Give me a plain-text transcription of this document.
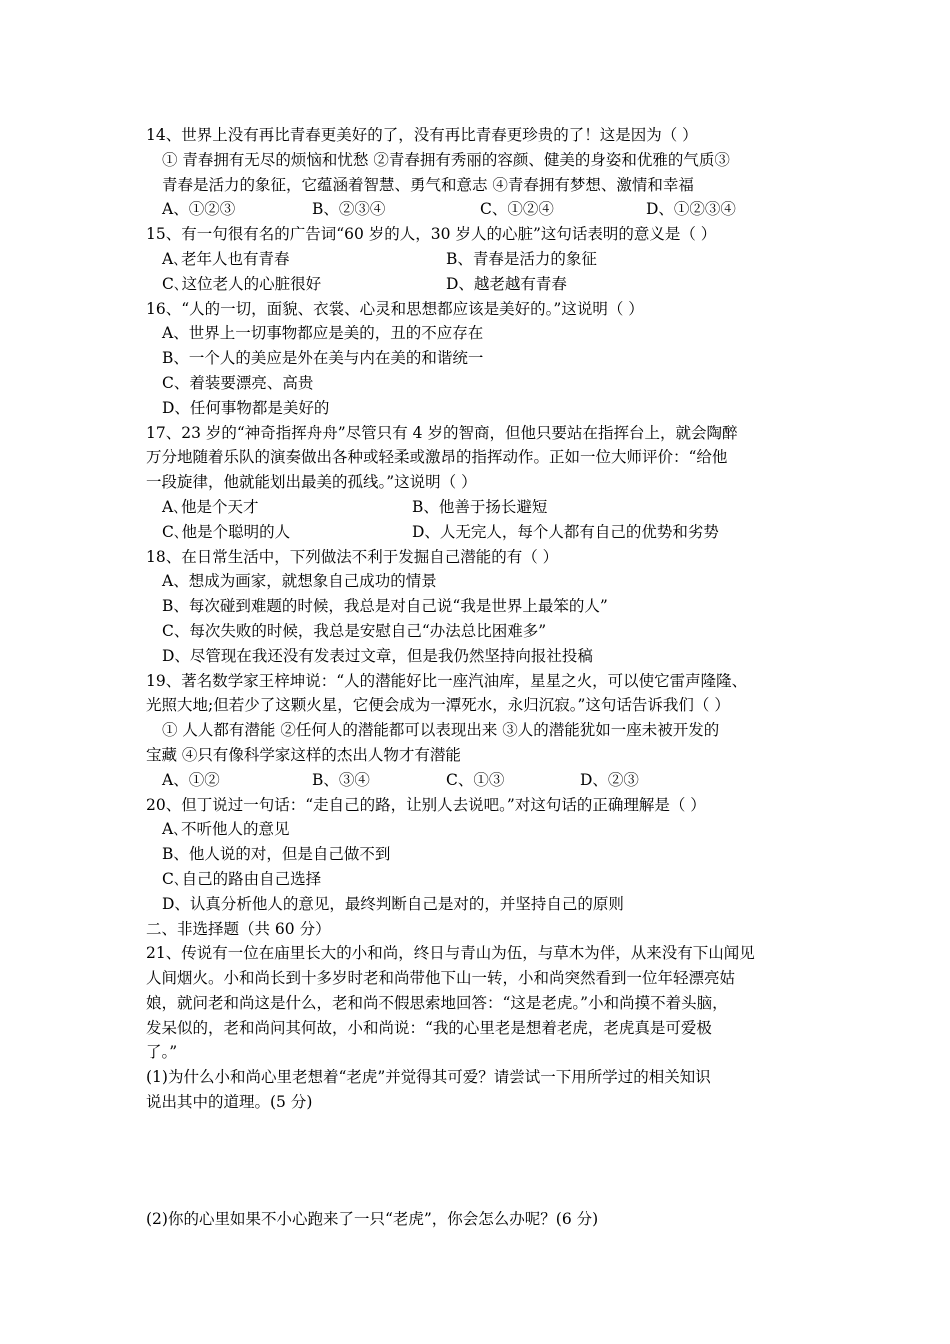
14、世界上没有再比青春更美好的了，没有再比青春更珍贵的了！这是因为（ ）
① 青春拥有无尽的烦恼和忧愁 ②青春拥有秀丽的容颜、健美的身姿和优雅的气质③
青春是活力的象征，它蕴涵着智慧、勇气和意志 ④青春拥有梦想、激情和幸福
A、①②③	B、②③④	C、①②④	D、①②③④
15、有一句很有名的广告词“60 岁的人，30 岁人的心脏”这句话表明的意义是（ ）
A､老年人也有青春	B、青春是活力的象征
C､这位老人的心脏很好	D、越老越有青春
16、“人的一切，面貌、衣裳、心灵和思想都应该是美好的。”这说明（ ）
A、世界上一切事物都应是美的，丑的不应存在
B、一个人的美应是外在美与内在美的和谐统一
C、着装要漂亮、高贵
D、任何事物都是美好的
17、23 岁的“神奇指挥舟舟”尽管只有 4 岁的智商，但他只要站在指挥台上，就会陶醉
万分地随着乐队的演奏做出各种或轻柔或激昂的指挥动作。正如一位大师评价：“给他
一段旋律，他就能划出最美的孤线。”这说明（ ）
A､他是个天才	B、他善于扬长避短
C､他是个聪明的人	D、人无完人，每个人都有自己的优势和劣势
18、在日常生活中，下列做法不利于发掘自己潜能的有（ ）
A、想成为画家，就想象自己成功的情景
B、每次碰到难题的时候，我总是对自己说“我是世界上最笨的人”
C、每次失败的时候，我总是安慰自己“办法总比困难多”
D、尽管现在我还没有发表过文章，但是我仍然坚持向报社投稿
19、著名数学家王梓坤说：“人的潜能好比一座汽油库，星星之火，可以使它雷声隆隆、
光照大地;但若少了这颗火星，它便会成为一潭死水，永归沉寂。”这句话告诉我们（ ）
① 人人都有潜能 ②任何人的潜能都可以表现出来 ③人的潜能犹如一座未被开发的
宝藏 ④只有像科学家这样的杰出人物才有潜能
A、①②	B、③④	C、①③	D、②③
20、但丁说过一句话：“走自己的路，让别人去说吧。”对这句话的正确理解是（ ）
A､不听他人的意见
B、他人说的对，但是自己做不到
C､自己的路由自己选择
D、认真分析他人的意见，最终判断自己是对的，并坚持自己的原则
二、非选择题（共 60 分）
21、传说有一位在庙里长大的小和尚，终日与青山为伍，与草木为伴，从来没有下山闻见
人间烟火。小和尚长到十多岁时老和尚带他下山一转，小和尚突然看到一位年轻漂亮姑
娘，就问老和尚这是什么，老和尚不假思索地回答：“这是老虎。”小和尚摸不着头脑，
发呆似的，老和尚问其何故，小和尚说：“我的心里老是想着老虎，老虎真是可爱极
了。”
(1)为什么小和尚心里老想着“老虎”并觉得其可爱？请尝试一下用所学过的相关知识
说出其中的道理。(5 分)
(2)你的心里如果不小心跑来了一只“老虎”，你会怎么办呢？(6 分)
